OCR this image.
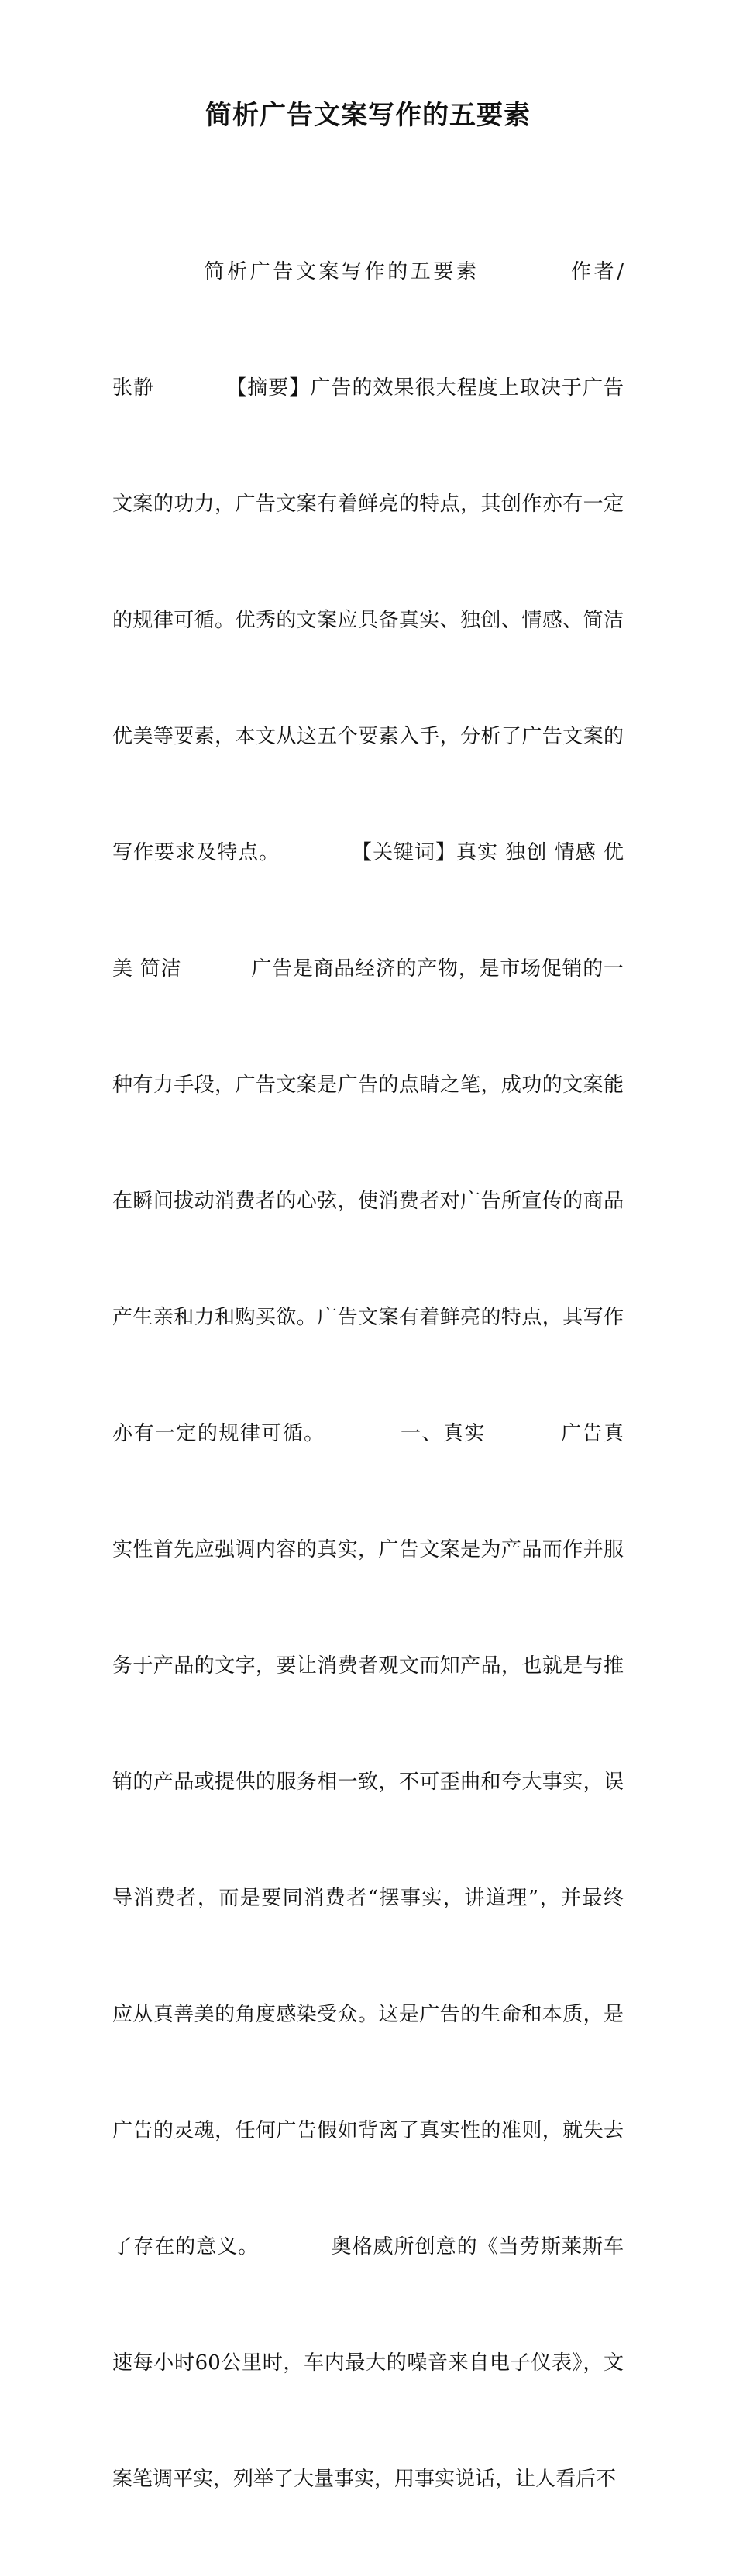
简析广告文案写作的五要素

简析广告文案写作的五要素          作者/

张静          【摘要】广告的效果很大程度上取决于广告

文案的功力，广告文案有着鲜亮的特点，其创作亦有一定

的规律可循。优秀的文案应具备真实、独创、情感、简洁

优美等要素，本文从这五个要素入手，分析了广告文案的

写作要求及特点。          【关键词】真实 独创 情感 优

美 简洁          广告是商品经济的产物，是市场促销的一

种有力手段，广告文案是广告的点睛之笔，成功的文案能

在瞬间拔动消费者的心弦，使消费者对广告所宣传的商品

产生亲和力和购买欲。广告文案有着鲜亮的特点，其写作

亦有一定的规律可循。          一、真实          广告真

实性首先应强调内容的真实，广告文案是为产品而作并服

务于产品的文字，要让消费者观文而知产品，也就是与推

销的产品或提供的服务相一致，不可歪曲和夸大事实，误

导消费者，而是要同消费者“摆事实，讲道理”，并最终

应从真善美的角度感染受众。这是广告的生命和本质，是

广告的灵魂，任何广告假如背离了真实性的准则，就失去

了存在的意义。          奥格威所创意的《当劳斯莱斯车

速每小时60公里时，车内最大的噪音来自电子仪表》，文

案笔调平实，列举了大量事实，用事实说话，让人看后不
